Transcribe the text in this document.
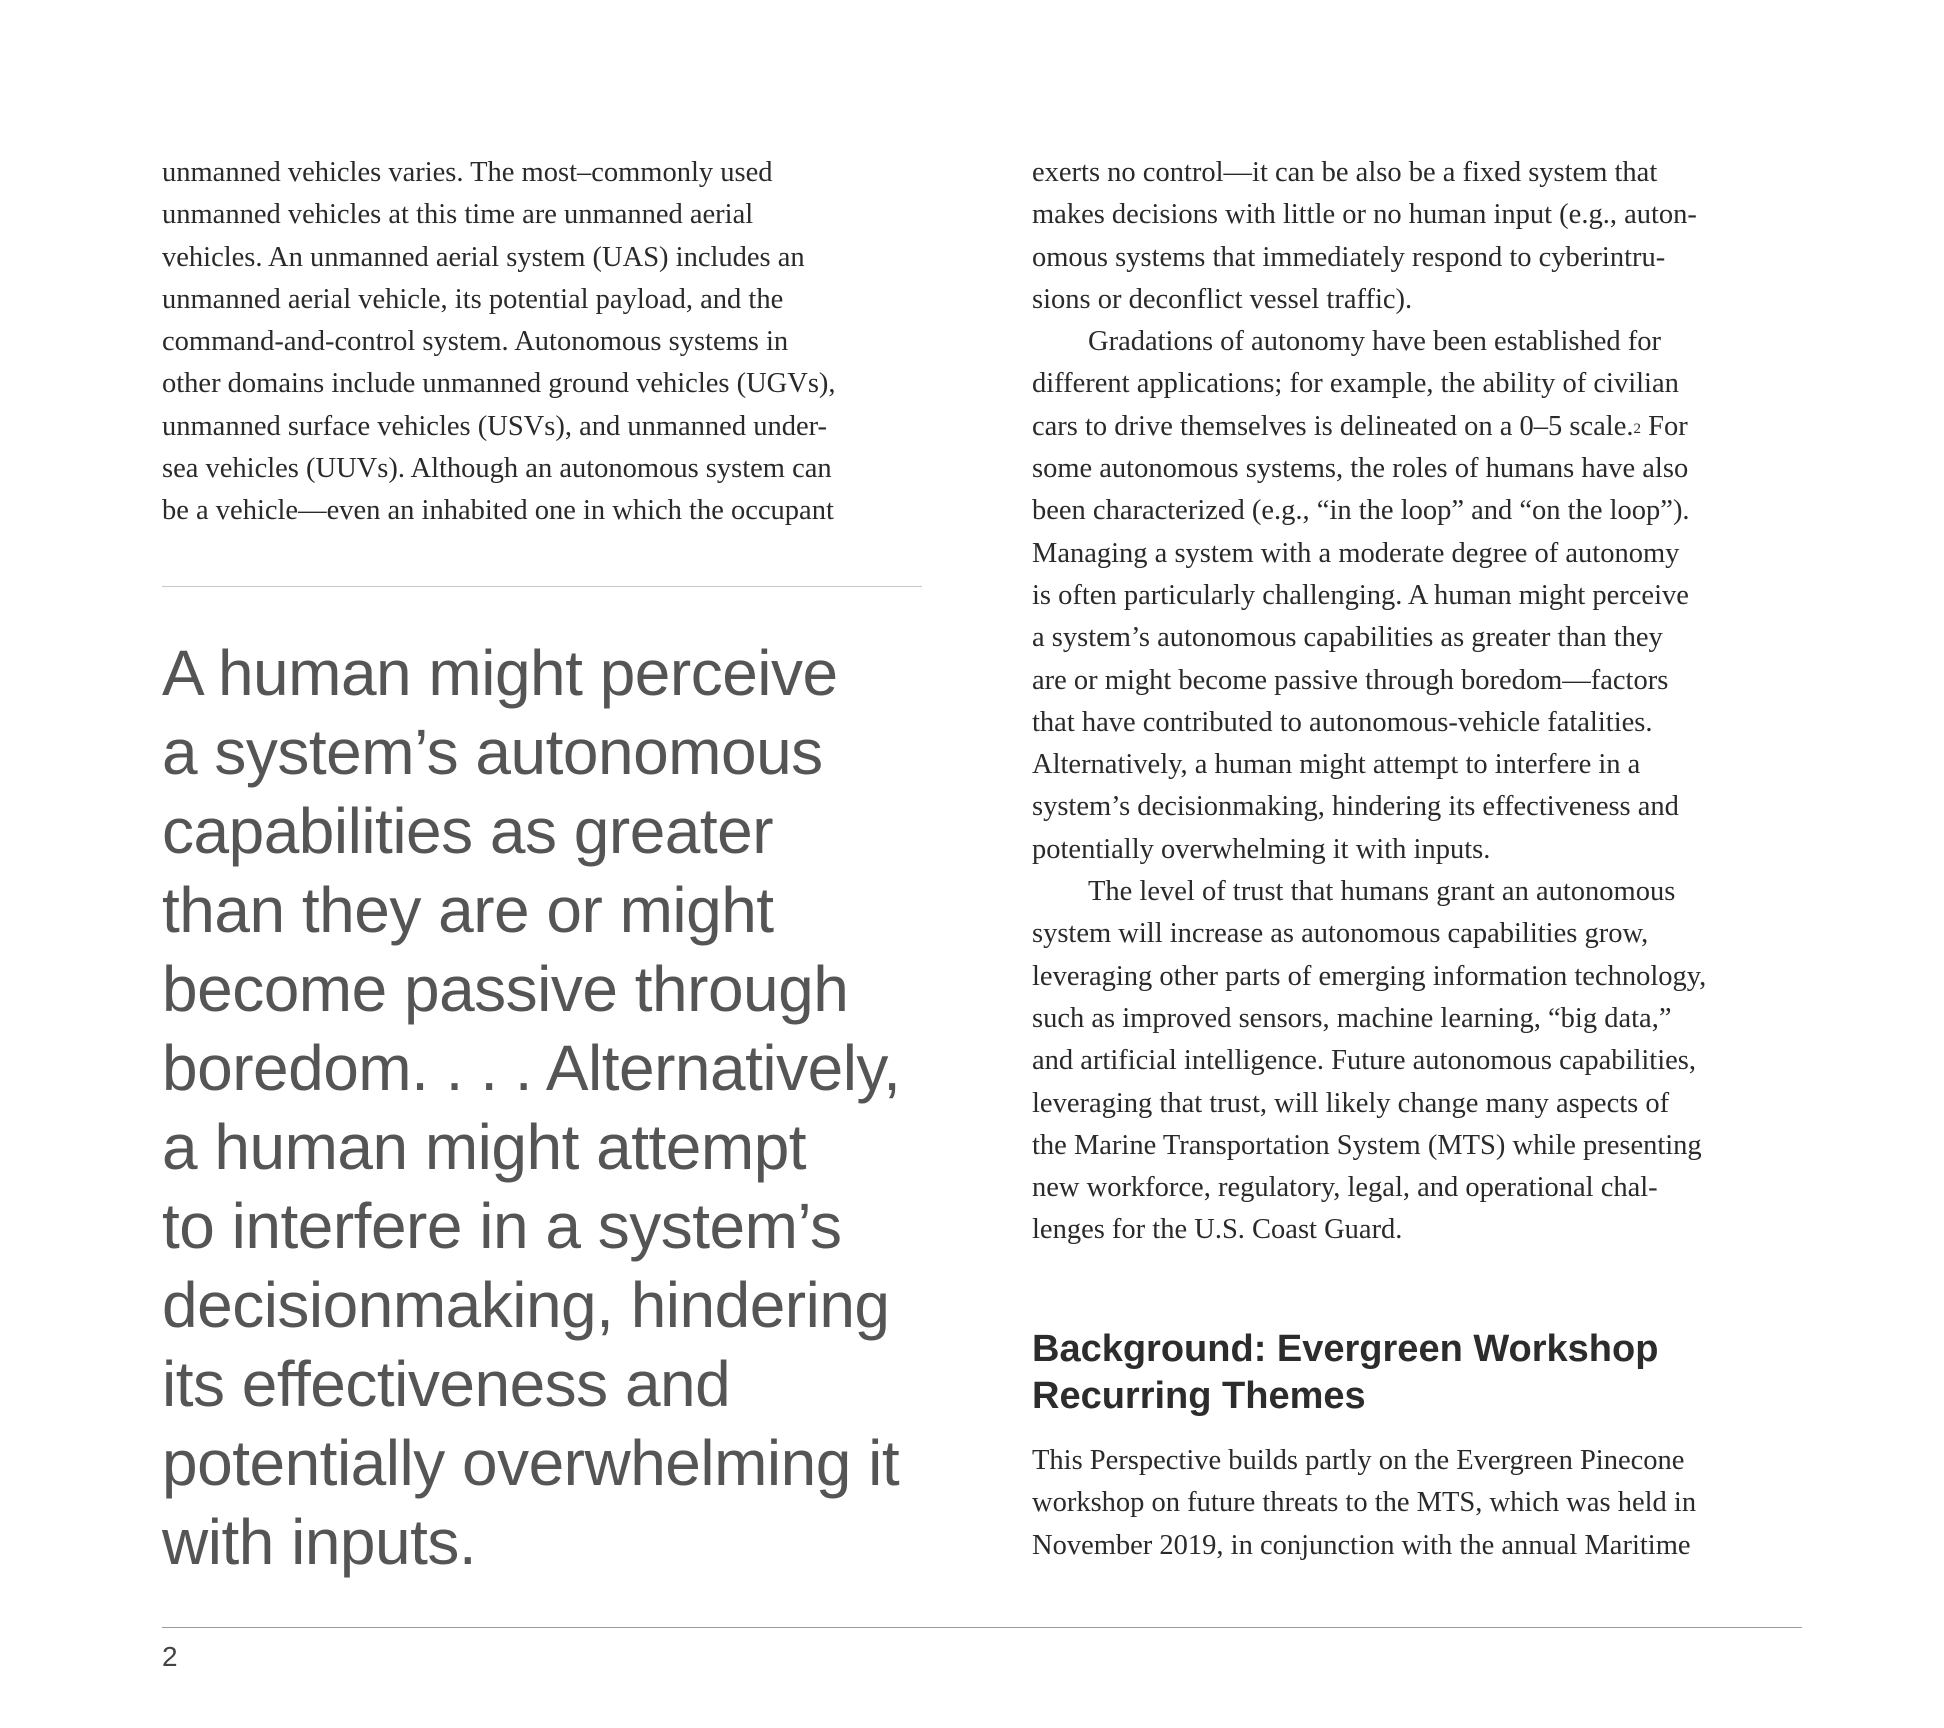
unmanned vehicles varies. The most–commonly used
unmanned vehicles at this time are unmanned aerial
vehicles. An unmanned aerial system (UAS) includes an
unmanned aerial vehicle, its potential payload, and the
command-and-control system. Autonomous systems in
other domains include unmanned ground vehicles (UGVs),
unmanned surface vehicles (USVs), and unmanned under-
sea vehicles (UUVs). Although an autonomous system can
be a vehicle—even an inhabited one in which the occupant

A human might perceive
a system’s autonomous
capabilities as greater
than they are or might
become passive through
boredom. . . . Alternatively,
a human might attempt
to interfere in a system’s
decisionmaking, hindering
its effectiveness and
potentially overwhelming it
with inputs.

exerts no control—it can be also be a fixed system that
makes decisions with little or no human input (e.g., auton-
omous systems that immediately respond to cyberintru-
sions or deconflict vessel traffic).

Gradations of autonomy have been established for
different applications; for example, the ability of civilian
cars to drive themselves is delineated on a 0–5 scale.$^2$ For
some autonomous systems, the roles of humans have also
been characterized (e.g., “in the loop” and “on the loop”).
Managing a system with a moderate degree of autonomy
is often particularly challenging. A human might perceive
a system’s autonomous capabilities as greater than they
are or might become passive through boredom—factors
that have contributed to autonomous-vehicle fatalities.
Alternatively, a human might attempt to interfere in a
system’s decisionmaking, hindering its effectiveness and
potentially overwhelming it with inputs.

The level of trust that humans grant an autonomous
system will increase as autonomous capabilities grow,
leveraging other parts of emerging information technology,
such as improved sensors, machine learning, “big data,”
and artificial intelligence. Future autonomous capabilities,
leveraging that trust, will likely change many aspects of
the Marine Transportation System (MTS) while presenting
new workforce, regulatory, legal, and operational chal-
lenges for the U.S. Coast Guard.

Background: Evergreen Workshop
Recurring Themes

This Perspective builds partly on the Evergreen Pinecone
workshop on future threats to the MTS, which was held in
November 2019, in conjunction with the annual Maritime

2
